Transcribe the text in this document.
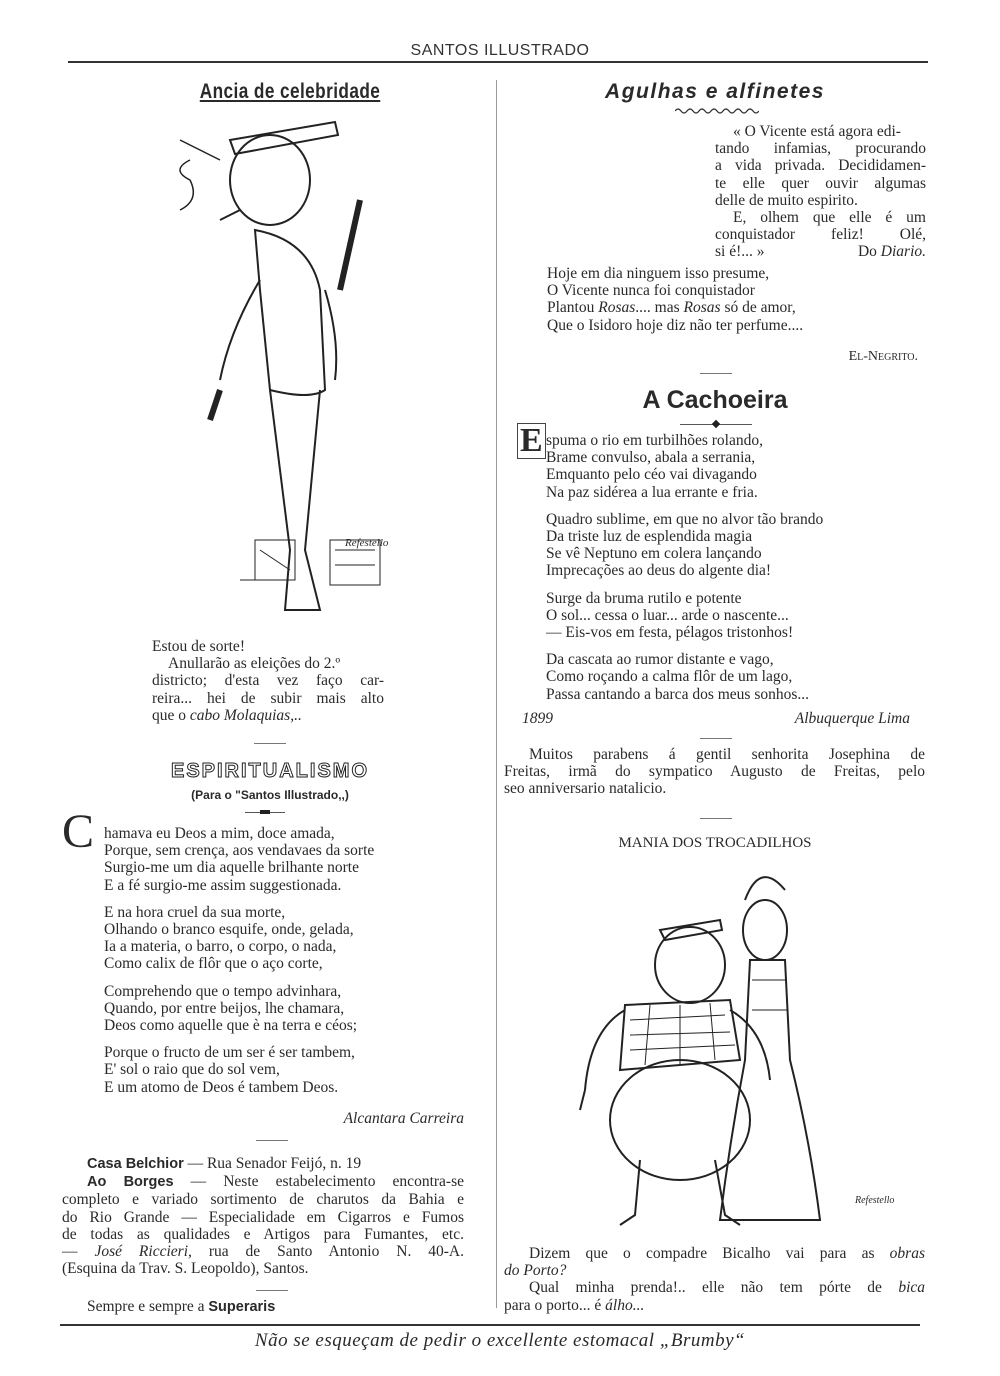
SANTOS ILLUSTRADO
Ancia de celebridade
Refestello
Estou de sorte!
Anullarão as eleições do 2.º
districto; d'esta vez faço car-
reira... hei de subir mais alto
que o cabo Molaquias,..
ESPIRITUALISMO
(Para o "Santos Illustrado,,)
C hamava eu Deos a mim, doce amada,
Porque, sem crença, aos vendavaes da sorte
Surgio-me um dia aquelle brilhante norte
E a fé surgio-me assim suggestionada.
E na hora cruel da sua morte,
Olhando o branco esquife, onde, gelada,
Ia a materia, o barro, o corpo, o nada,
Como calix de flôr que o aço corte,
Comprehendo que o tempo advinhara,
Quando, por entre beijos, lhe chamara,
Deos como aquelle que è na terra e céos;
Porque o fructo de um ser é ser tambem,
E' sol o raio que do sol vem,
E um atomo de Deos é tambem Deos.
Alcantara Carreira
Casa Belchior — Rua Senador Feijó, n. 19
Ao Borges — Neste estabelecimento encontra-se
completo e variado sortimento de charutos da Bahia e
do Rio Grande — Especialidade em Cigarros e Fumos
de todas as qualidades e Artigos para Fumantes, etc.
— José Riccieri, rua de Santo Antonio N. 40-A.
(Esquina da Trav. S. Leopoldo), Santos.
Sempre e sempre a Superaris
Agulhas e alfinetes
« O Vicente está agora edi-
tando infamias, procurando
a vida privada. Decididamen-
te elle quer ouvir algumas
delle de muito espirito.
E, olhem que elle é um
conquistador feliz! Olé,
si é!... »	Do Diario.
Hoje em dia ninguem isso presume,
O Vicente nunca foi conquistador
Plantou Rosas.... mas Rosas só de amor,
Que o Isidoro hoje diz não ter perfume....
El-Negrito.
A Cachoeira
E spuma o rio em turbilhões rolando,
Brame convulso, abala a serrania,
Emquanto pelo céo vai divagando
Na paz sidérea a lua errante e fria.
Quadro sublime, em que no alvor tão brando
Da triste luz de esplendida magia
Se vê Neptuno em colera lançando
Imprecações ao deus do algente dia!
Surge da bruma rutilo e potente
O sol... cessa o luar... arde o nascente...
— Eis-vos em festa, pélagos tristonhos!
Da cascata ao rumor distante e vago,
Como roçando a calma flôr de um lago,
Passa cantando a barca dos meus sonhos...
1899	Albuquerque Lima
Muitos parabens á gentil senhorita Josephina de
Freitas, irmã do sympatico Augusto de Freitas, pelo
seo anniversario natalicio.
MANIA DOS TROCADILHOS
Refestello
Dizem que o compadre Bicalho vai para as obras
do Porto?
Qual minha prenda!.. elle não tem pórte de bica
para o porto... é álho...
Não se esqueçam de pedir o excellente estomacal „Brumby“
